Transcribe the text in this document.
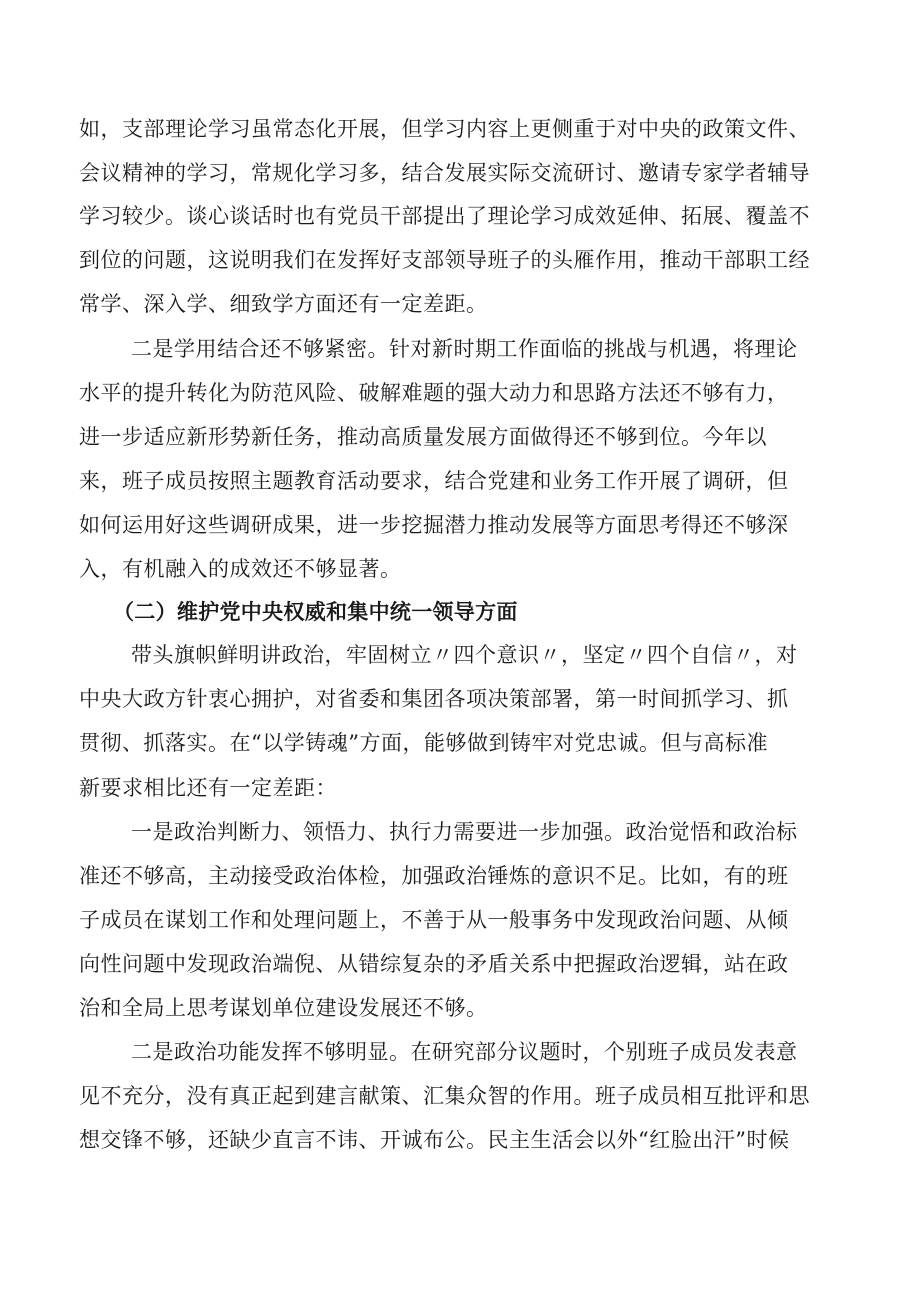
如，支部理论学习虽常态化开展，但学习内容上更侧重于对中央的政策文件、
会议精神的学习，常规化学习多，结合发展实际交流研讨、邀请专家学者辅导
学习较少。谈心谈话时也有党员干部提出了理论学习成效延伸、拓展、覆盖不
到位的问题，这说明我们在发挥好支部领导班子的头雁作用，推动干部职工经
常学、深入学、细致学方面还有一定差距。
二是学用结合还不够紧密。针对新时期工作面临的挑战与机遇，将理论
水平的提升转化为防范风险、破解难题的强大动力和思路方法还不够有力，
进一步适应新形势新任务，推动高质量发展方面做得还不够到位。今年以
来，班子成员按照主题教育活动要求，结合党建和业务工作开展了调研，但
如何运用好这些调研成果，进一步挖掘潜力推动发展等方面思考得还不够深
入，有机融入的成效还不够显著。
（二）维护党中央权威和集中统一领导方面
带头旗帜鲜明讲政治，牢固树立〃四个意识〃，坚定〃四个自信〃，对
中央大政方针衷心拥护，对省委和集团各项决策部署，第一时间抓学习、抓
贯彻、抓落实。在“以学铸魂”方面，能够做到铸牢对党忠诚。但与高标准
新要求相比还有一定差距：
一是政治判断力、领悟力、执行力需要进一步加强。政治觉悟和政治标
准还不够高，主动接受政治体检，加强政治锤炼的意识不足。比如，有的班
子成员在谋划工作和处理问题上，不善于从一般事务中发现政治问题、从倾
向性问题中发现政治端倪、从错综复杂的矛盾关系中把握政治逻辑，站在政
治和全局上思考谋划单位建设发展还不够。
二是政治功能发挥不够明显。在研究部分议题时，个别班子成员发表意
见不充分，没有真正起到建言献策、汇集众智的作用。班子成员相互批评和思
想交锋不够，还缺少直言不讳、开诚布公。民主生活会以外“红脸出汗”时候
